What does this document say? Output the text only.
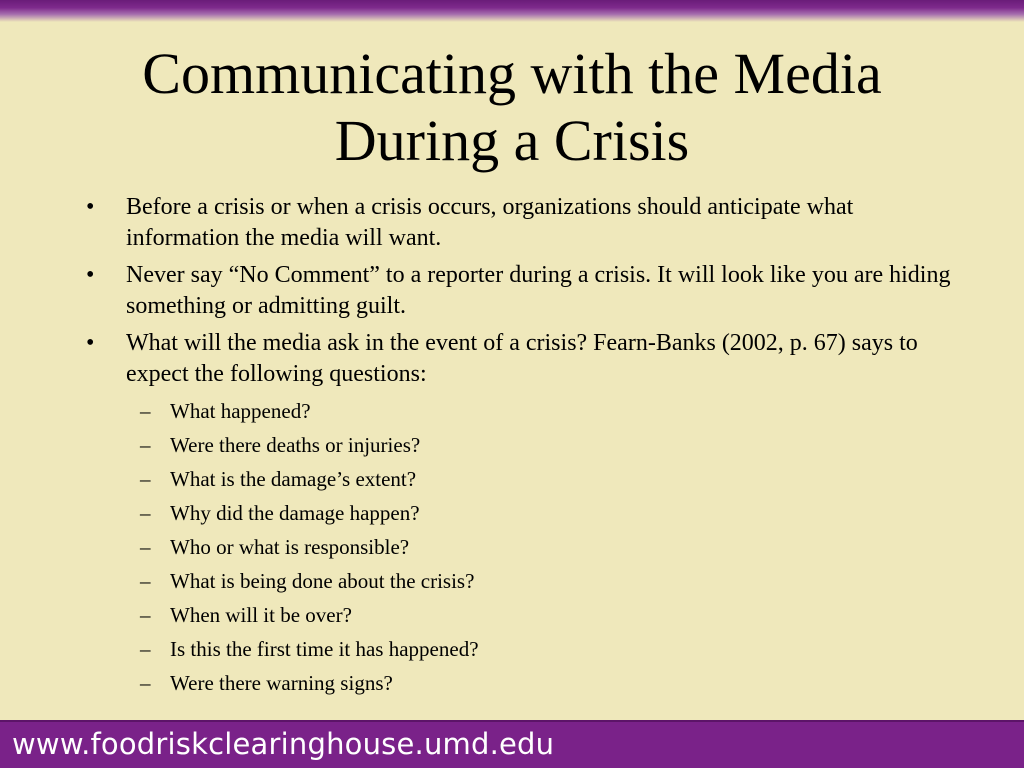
Communicating with the Media
During a Crisis
• Before a crisis or when a crisis occurs, organizations should anticipate what information the media will want.
• Never say “No Comment” to a reporter during a crisis. It will look like you are hiding something or admitting guilt.
• What will the media ask in the event of a crisis? Fearn-Banks (2002, p. 67) says to expect the following questions:
– What happened?
– Were there deaths or injuries?
– What is the damage’s extent?
– Why did the damage happen?
– Who or what is responsible?
– What is being done about the crisis?
– When will it be over?
– Is this the first time it has happened?
– Were there warning signs?
www.foodriskclearinghouse.umd.edu
